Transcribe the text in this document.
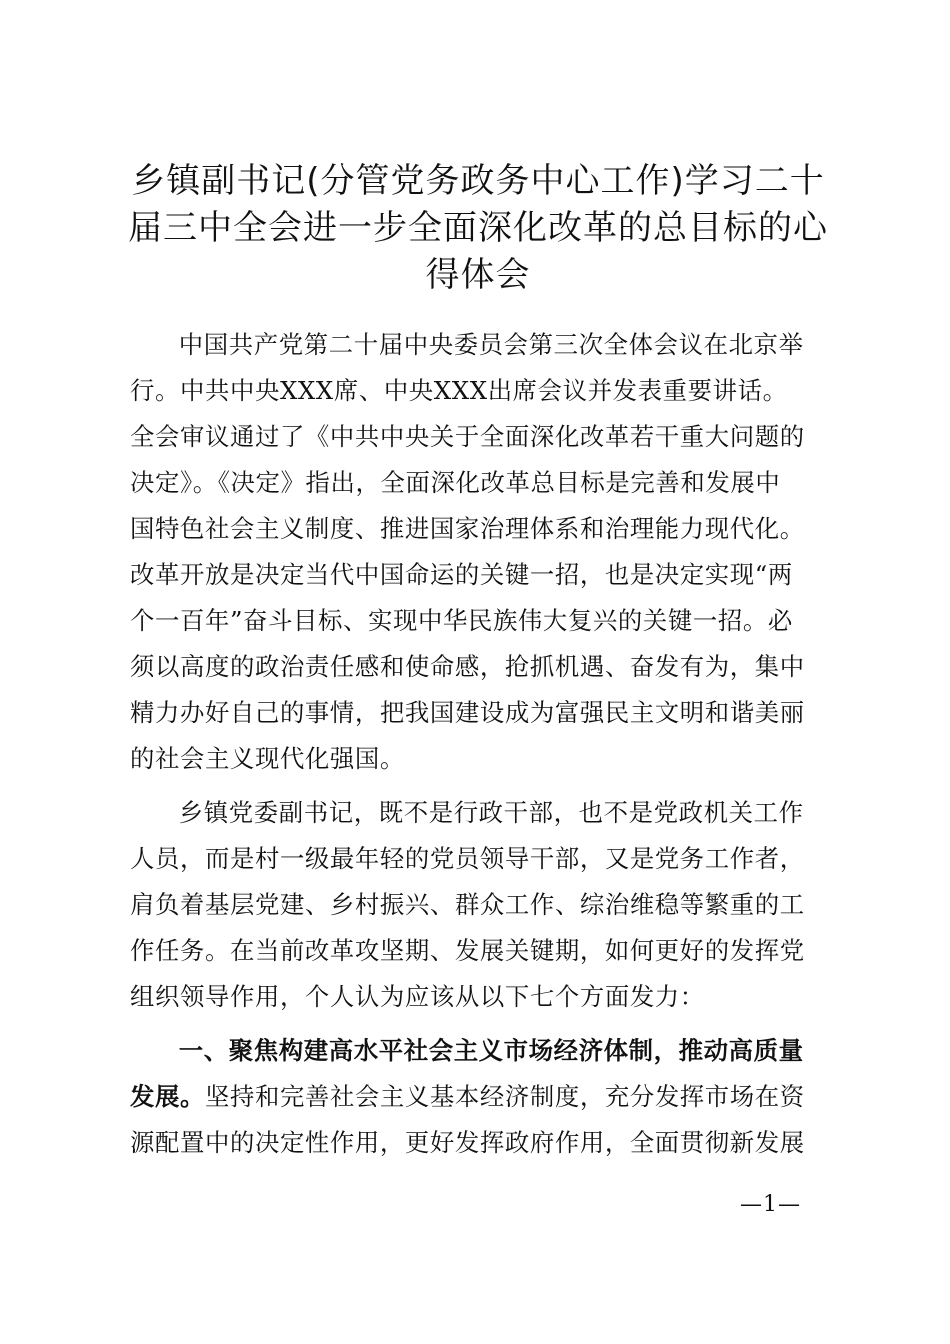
乡镇副书记(分管党务政务中心工作)学习二十
届三中全会进一步全面深化改革的总目标的心
得体会

中国共产党第二十届中央委员会第三次全体会议在北京举
行。中共中央XXX席、中央XXX出席会议并发表重要讲话。
全会审议通过了《中共中央关于全面深化改革若干重大问题的
决定》。《决定》指出，全面深化改革总目标是完善和发展中
国特色社会主义制度、推进国家治理体系和治理能力现代化。
改革开放是决定当代中国命运的关键一招，也是决定实现“两
个一百年”奋斗目标、实现中华民族伟大复兴的关键一招。必
须以高度的政治责任感和使命感，抢抓机遇、奋发有为，集中
精力办好自己的事情，把我国建设成为富强民主文明和谐美丽
的社会主义现代化强国。

乡镇党委副书记，既不是行政干部，也不是党政机关工作
人员，而是村一级最年轻的党员领导干部，又是党务工作者，
肩负着基层党建、乡村振兴、群众工作、综治维稳等繁重的工
作任务。在当前改革攻坚期、发展关键期，如何更好的发挥党
组织领导作用，个人认为应该从以下七个方面发力：

一、聚焦构建高水平社会主义市场经济体制，推动高质量
发展。坚持和完善社会主义基本经济制度，充分发挥市场在资
源配置中的决定性作用，更好发挥政府作用，全面贯彻新发展

—1—
